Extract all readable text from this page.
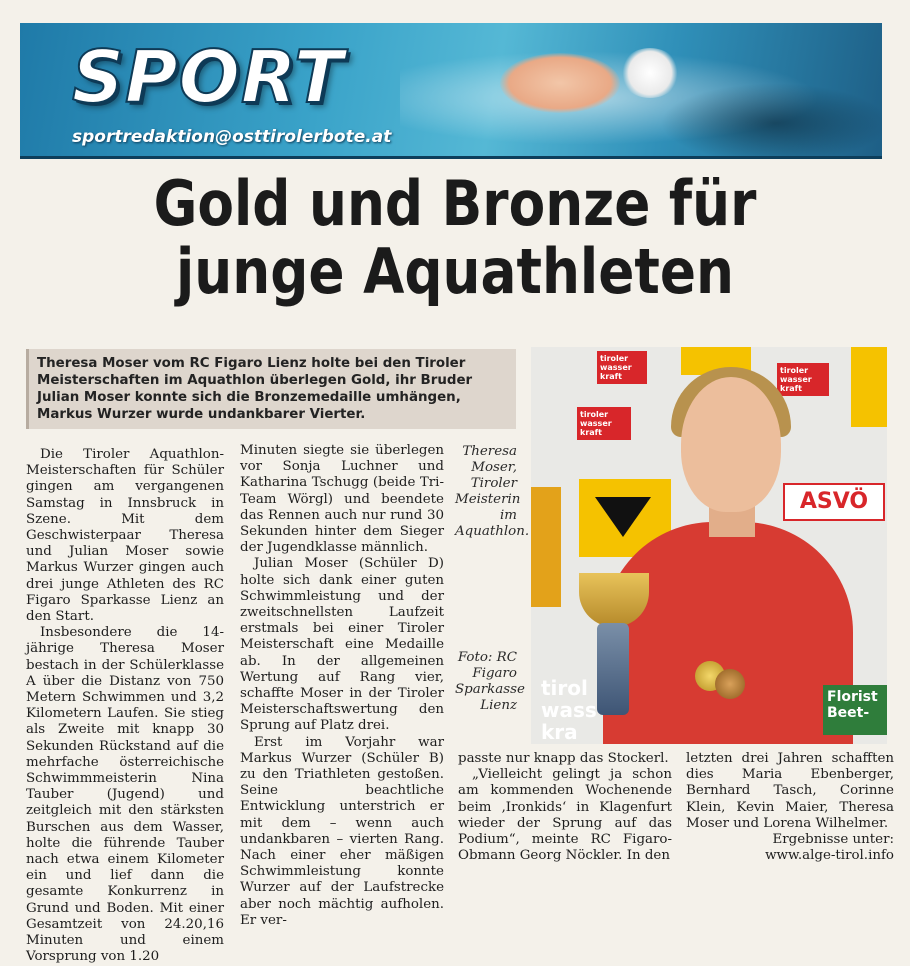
SPORT
sportredaktion@osttirolerbote.at
Gold und Bronze für
junge Aquathleten
Theresa Moser vom RC Figaro Lienz holte bei den Tiroler Meisterschaften im Aquathlon überlegen Gold, ihr Bruder Julian Moser konnte sich die Bronzemedaille umhängen, Markus Wurzer wurde undankbarer Vierter.

Die Tiroler Aquathlon-Meisterschaften für Schüler gingen am vergangenen Samstag in Innsbruck in Szene. Mit dem Geschwisterpaar Theresa und Julian Moser sowie Markus Wurzer gingen auch drei junge Athleten des RC Figaro Sparkasse Lienz an den Start.

Insbesondere die 14-jährige Theresa Moser bestach in der Schülerklasse A über die Distanz von 750 Metern Schwimmen und 3,2 Kilometern Laufen. Sie stieg als Zweite mit knapp 30 Sekunden Rückstand auf die mehrfache österreichische Schwimmmeisterin Nina Tauber (Jugend) und zeitgleich mit den stärksten Burschen aus dem Wasser, holte die führende Tauber nach etwa einem Kilometer ein und lief dann die gesamte Konkurrenz in Grund und Boden. Mit einer Gesamtzeit von 24.20,16 Minuten und einem Vorsprung von 1.20

Minuten siegte sie überlegen vor Sonja Luchner und Katharina Tschugg (beide Tri-Team Wörgl) und beendete das Rennen auch nur rund 30 Sekunden hinter dem Sieger der Jugendklasse männlich.

Julian Moser (Schüler D) holte sich dank einer guten Schwimmleistung und der zweitschnellsten Laufzeit erstmals bei einer Tiroler Meisterschaft eine Medaille ab. In der allgemeinen Wertung auf Rang vier, schaffte Moser in der Tiroler Meisterschaftswertung den Sprung auf Platz drei.

Erst im Vorjahr war Markus Wurzer (Schüler B) zu den Triathleten gestoßen. Seine beachtliche Entwicklung unterstrich er mit dem – wenn auch undankbaren – vierten Rang. Nach einer eher mäßigen Schwimmleistung konnte Wurzer auf der Laufstrecke aber noch mächtig aufholen. Er ver-

Theresa Moser, Tiroler Meisterin im Aquathlon.
Foto: RC Figaro Sparkasse Lienz
tiroler wasser kraft
tiroler wasser kraft
tiroler wasser kraft
ASVÖ
tirol wass kra
Florist Beet-

passte nur knapp das Stockerl.

„Vielleicht gelingt ja schon am kommenden Wochenende beim ‚Ironkids‘ in Klagenfurt wieder der Sprung auf das Podium“, meinte RC Figaro-Obmann Georg Nöckler. In den

letzten drei Jahren schafften dies Maria Ebenberger, Bernhard Tasch, Corinne Klein, Kevin Maier, Theresa Moser und Lorena Wilhelmer.

Ergebnisse unter:

www.alge-tirol.info
